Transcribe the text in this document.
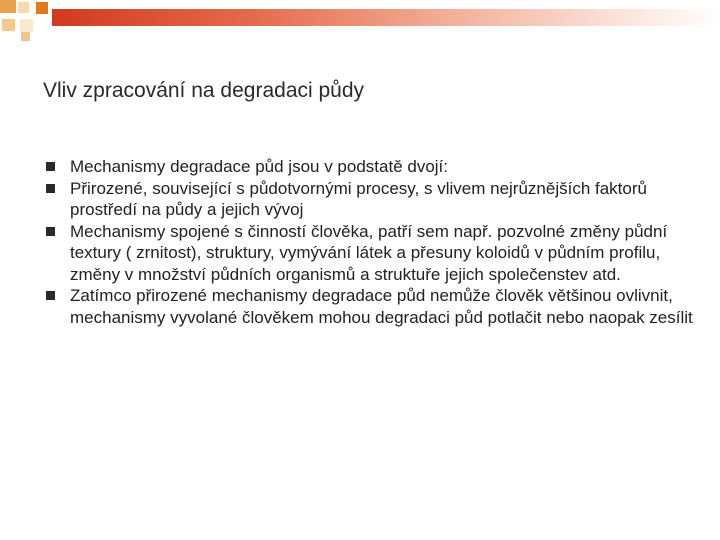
Vliv zpracování na degradaci půdy
Mechanismy degradace půd jsou v podstatě dvojí:
Přirozené, související s půdotvornými procesy, s vlivem nejrůznějších faktorů prostředí na půdy a jejich vývoj
Mechanismy spojené s činností člověka, patří sem např. pozvolné změny půdní textury ( zrnitost), struktury, vymývání látek a přesuny koloidů v půdním profilu, změny v množství půdních organismů a struktuře jejich společenstev atd.
Zatímco přirozené mechanismy degradace půd nemůže člověk většinou ovlivnit, mechanismy vyvolané člověkem mohou degradaci půd potlačit nebo naopak zesílit
